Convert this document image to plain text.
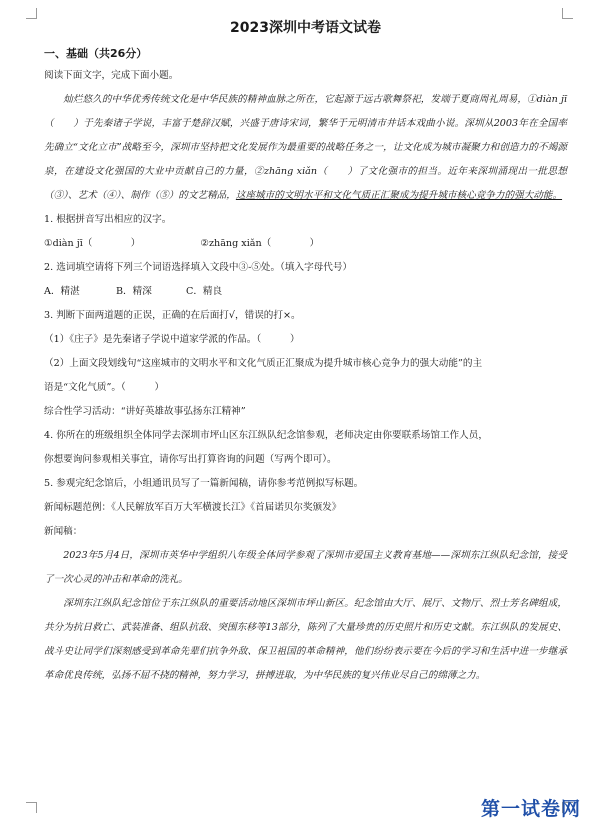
2023深圳中考语文试卷
一、基础（共26分）

阅读下面文字，完成下面小题。

灿烂悠久的中华优秀传统文化是中华民族的精神血脉之所在，它起源于远古歌舞祭祀，发端于夏商周礼周易，①diàn jī（　　）于先秦诸子学说，丰富于楚辞汉赋，兴盛于唐诗宋词，繁华于元明清市井话本戏曲小说。深圳从2003年在全国率先确立“文化立市”战略至今，深圳市坚持把文化发展作为最重要的战略任务之一，让文化成为城市凝聚力和创造力的不竭源泉，在建设文化强国的大业中贡献自己的力量，②zhāng xiǎn（　　）了文化强市的担当。近年来深圳涌现出一批思想（③）、艺术（④）、制作（⑤）的文艺精品，这座城市的文明水平和文化气质正汇聚成为提升城市核心竞争力的强大动能。

1. 根据拼音写出相应的汉字。

①diàn jī（　　　　）	②zhāng xiǎn（　　　　）

2. 选词填空请将下列三个词语选择填入文段中③-⑤处。（填入字母代号）

A．精湛	B．精深	C．精良

3. 判断下面两道题的正误，正确的在后面打√，错误的打×。

（1）《庄子》是先秦诸子学说中道家学派的作品。（　　　）

（2）上面文段划线句“这座城市的文明水平和文化气质正汇聚成为提升城市核心竞争力的强大动能”的主

语是“文化气质”。（　　　）

综合性学习活动：“讲好英雄故事弘扬东江精神”

4. 你所在的班级组织全体同学去深圳市坪山区东江纵队纪念馆参观，老师决定由你要联系场馆工作人员，

你想要询问参观相关事宜，请你写出打算咨询的问题（写两个即可）。

5. 参观完纪念馆后，小组通讯员写了一篇新闻稿，请你参考范例拟写标题。

新闻标题范例：《人民解放军百万大军横渡长江》《首届诺贝尔奖颁发》

新闻稿：

2023年5月4日，深圳市英华中学组织八年级全体同学参观了深圳市爱国主义教育基地——深圳东江纵队纪念馆，接受了一次心灵的冲击和革命的洗礼。

深圳东江纵队纪念馆位于东江纵队的重要活动地区深圳市坪山新区。纪念馆由大厅、展厅、文物厅、烈士芳名碑组成，共分为抗日救亡、武装准备、组队抗敌、突围东移等13部分，陈列了大量珍贵的历史照片和历史文献。东江纵队的发展史、战斗史让同学们深刻感受到革命先辈们抗争外敌、保卫祖国的革命精神，他们纷纷表示要在今后的学习和生活中进一步继承革命优良传统，弘扬不屈不挠的精神，努力学习，拼搏进取，为中华民族的复兴伟业尽自己的绵薄之力。

第一试卷网
